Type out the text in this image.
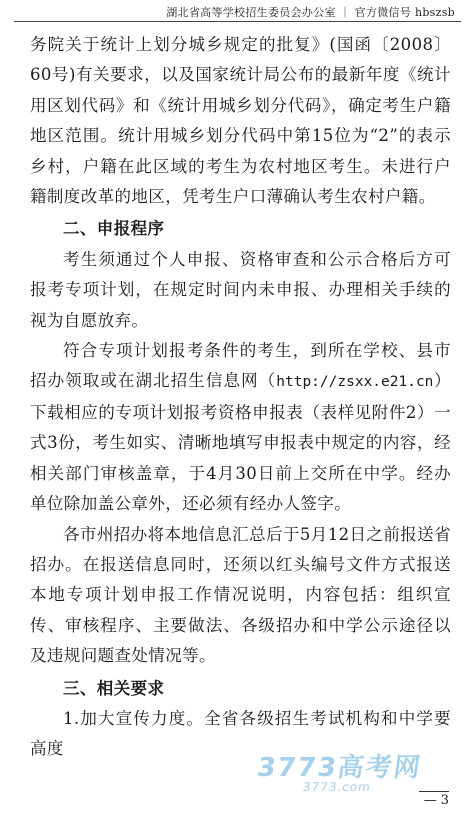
湖北省高等学校招生委员会办公室 ｜ 官方微信号 hbszsb

务院关于统计上划分城乡规定的批复》(国函〔2008〕60号)有关要求，以及国家统计局公布的最新年度《统计用区划代码》和《统计用城乡划分代码》，确定考生户籍地区范围。统计用城乡划分代码中第15位为“2”的表示乡村，户籍在此区域的考生为农村地区考生。未进行户籍制度改革的地区，凭考生户口薄确认考生农村户籍。

二、申报程序

考生须通过个人申报、资格审查和公示合格后方可报考专项计划，在规定时间内未申报、办理相关手续的视为自愿放弃。

符合专项计划报考条件的考生，到所在学校、县市招办领取或在湖北招生信息网（http://zsxx.e21.cn）下载相应的专项计划报考资格申报表（表样见附件2）一式3份，考生如实、清晰地填写申报表中规定的内容，经相关部门审核盖章，于4月30日前上交所在中学。经办单位除加盖公章外，还必须有经办人签字。

各市州招办将本地信息汇总后于5月12日之前报送省招办。在报送信息同时，还须以红头编号文件方式报送本地专项计划申报工作情况说明，内容包括：组织宣传、审核程序、主要做法、各级招办和中学公示途径以及违规问题查处情况等。

三、相关要求

1.加大宣传力度。全省各级招生考试机构和中学要高度

3773高考网
3773.com
— 3
